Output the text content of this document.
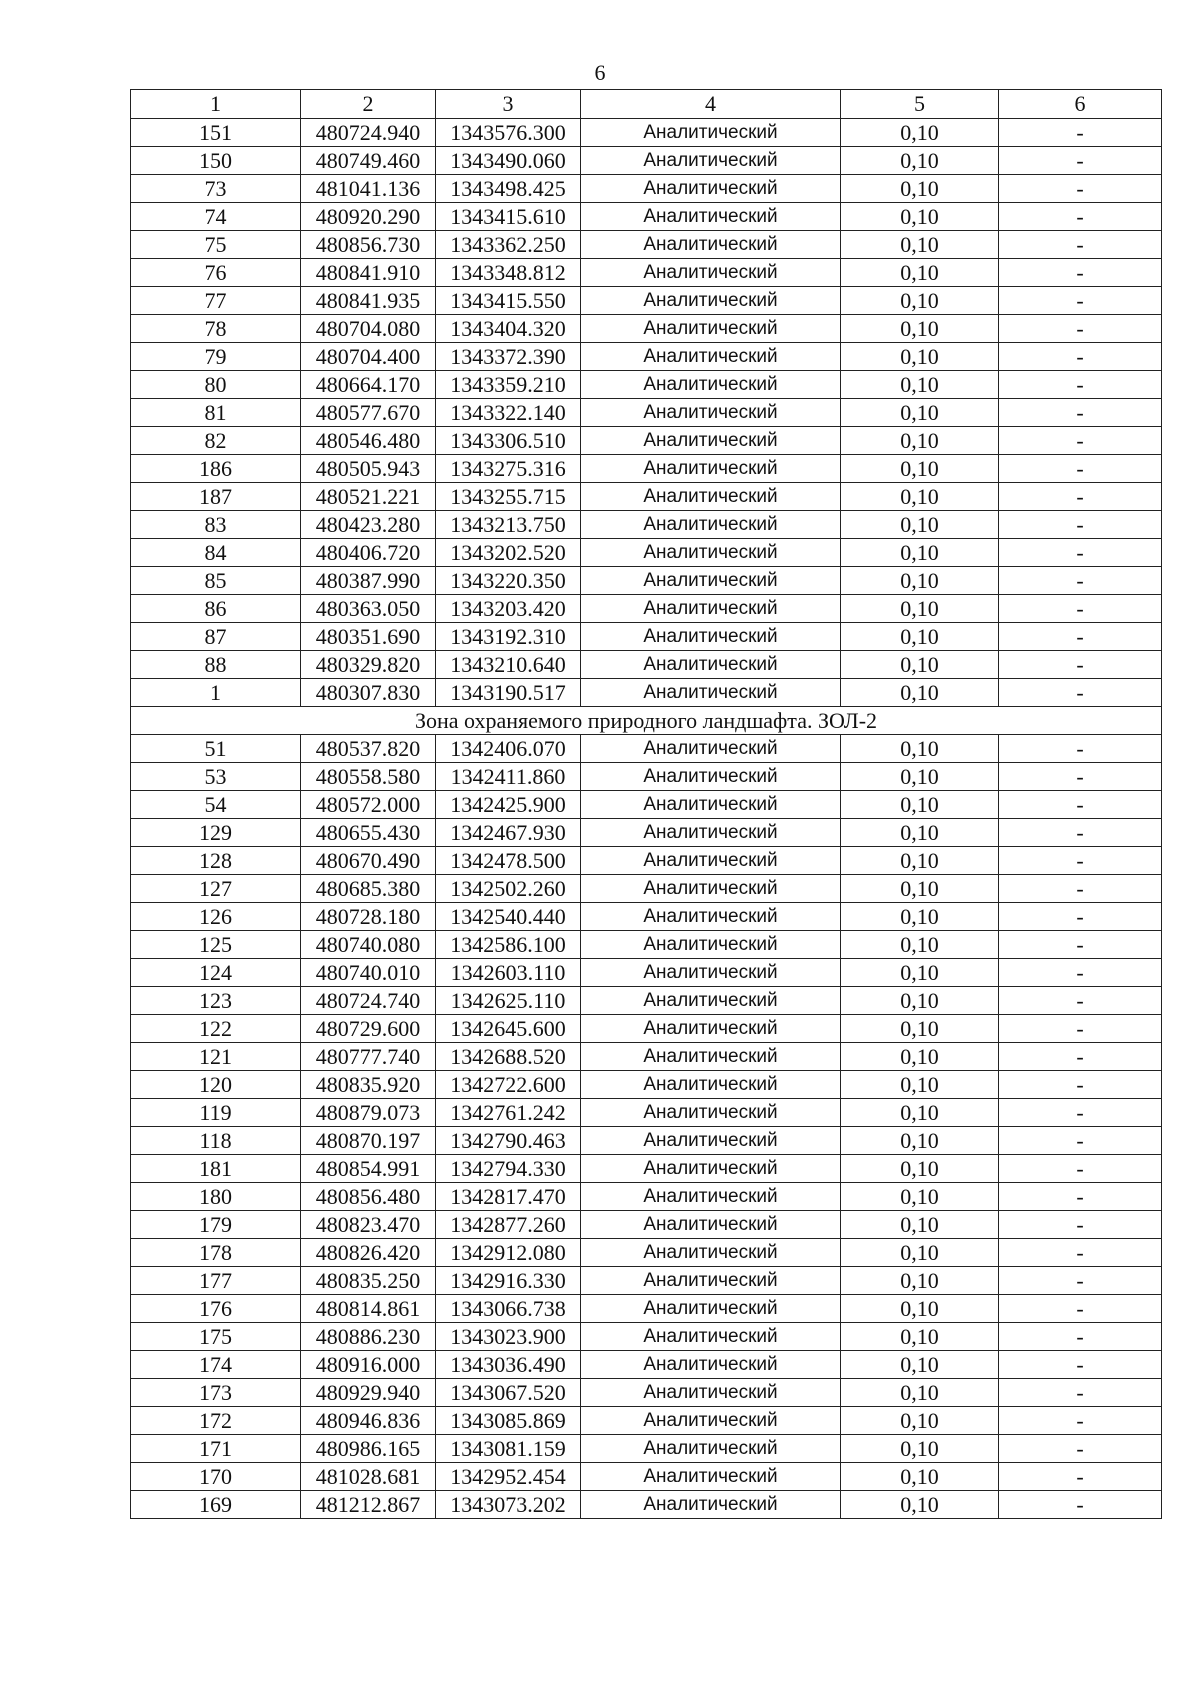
6
1	2	3	4	5	6
151	480724.940	1343576.300	Аналитический	0,10	-
150	480749.460	1343490.060	Аналитический	0,10	-
73	481041.136	1343498.425	Аналитический	0,10	-
74	480920.290	1343415.610	Аналитический	0,10	-
75	480856.730	1343362.250	Аналитический	0,10	-
76	480841.910	1343348.812	Аналитический	0,10	-
77	480841.935	1343415.550	Аналитический	0,10	-
78	480704.080	1343404.320	Аналитический	0,10	-
79	480704.400	1343372.390	Аналитический	0,10	-
80	480664.170	1343359.210	Аналитический	0,10	-
81	480577.670	1343322.140	Аналитический	0,10	-
82	480546.480	1343306.510	Аналитический	0,10	-
186	480505.943	1343275.316	Аналитический	0,10	-
187	480521.221	1343255.715	Аналитический	0,10	-
83	480423.280	1343213.750	Аналитический	0,10	-
84	480406.720	1343202.520	Аналитический	0,10	-
85	480387.990	1343220.350	Аналитический	0,10	-
86	480363.050	1343203.420	Аналитический	0,10	-
87	480351.690	1343192.310	Аналитический	0,10	-
88	480329.820	1343210.640	Аналитический	0,10	-
1	480307.830	1343190.517	Аналитический	0,10	-
Зона охраняемого природного ландшафта. ЗОЛ-2					
51	480537.820	1342406.070	Аналитический	0,10	-
53	480558.580	1342411.860	Аналитический	0,10	-
54	480572.000	1342425.900	Аналитический	0,10	-
129	480655.430	1342467.930	Аналитический	0,10	-
128	480670.490	1342478.500	Аналитический	0,10	-
127	480685.380	1342502.260	Аналитический	0,10	-
126	480728.180	1342540.440	Аналитический	0,10	-
125	480740.080	1342586.100	Аналитический	0,10	-
124	480740.010	1342603.110	Аналитический	0,10	-
123	480724.740	1342625.110	Аналитический	0,10	-
122	480729.600	1342645.600	Аналитический	0,10	-
121	480777.740	1342688.520	Аналитический	0,10	-
120	480835.920	1342722.600	Аналитический	0,10	-
119	480879.073	1342761.242	Аналитический	0,10	-
118	480870.197	1342790.463	Аналитический	0,10	-
181	480854.991	1342794.330	Аналитический	0,10	-
180	480856.480	1342817.470	Аналитический	0,10	-
179	480823.470	1342877.260	Аналитический	0,10	-
178	480826.420	1342912.080	Аналитический	0,10	-
177	480835.250	1342916.330	Аналитический	0,10	-
176	480814.861	1343066.738	Аналитический	0,10	-
175	480886.230	1343023.900	Аналитический	0,10	-
174	480916.000	1343036.490	Аналитический	0,10	-
173	480929.940	1343067.520	Аналитический	0,10	-
172	480946.836	1343085.869	Аналитический	0,10	-
171	480986.165	1343081.159	Аналитический	0,10	-
170	481028.681	1342952.454	Аналитический	0,10	-
169	481212.867	1343073.202	Аналитический	0,10	-
